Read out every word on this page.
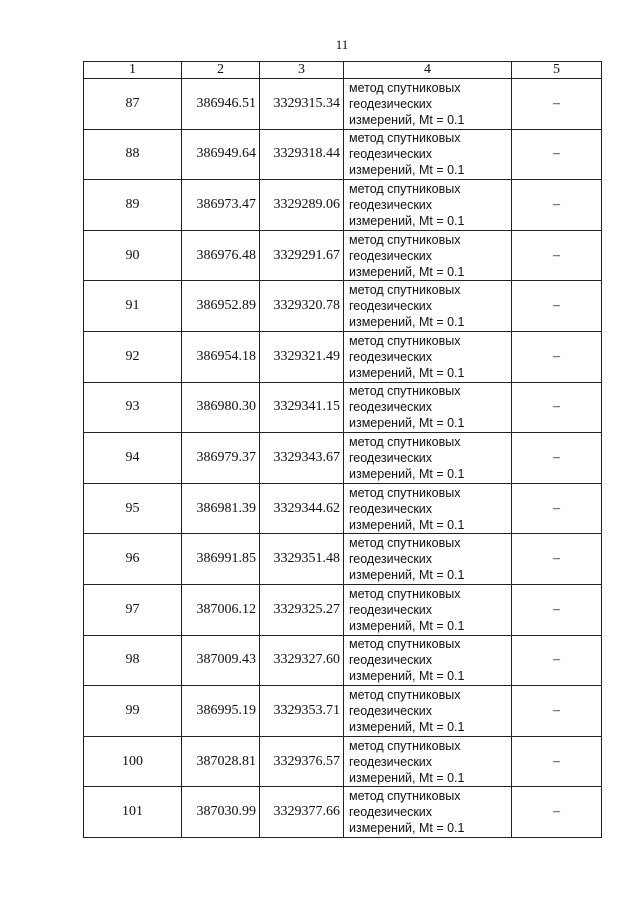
11
1	2	3	4	5
87	386946.51	3329315.34	метод спутниковых
геодезических
измерений, Mt = 0.1	–
88	386949.64	3329318.44	метод спутниковых
геодезических
измерений, Mt = 0.1	–
89	386973.47	3329289.06	метод спутниковых
геодезических
измерений, Mt = 0.1	–
90	386976.48	3329291.67	метод спутниковых
геодезических
измерений, Mt = 0.1	–
91	386952.89	3329320.78	метод спутниковых
геодезических
измерений, Mt = 0.1	–
92	386954.18	3329321.49	метод спутниковых
геодезических
измерений, Mt = 0.1	–
93	386980.30	3329341.15	метод спутниковых
геодезических
измерений, Mt = 0.1	–
94	386979.37	3329343.67	метод спутниковых
геодезических
измерений, Mt = 0.1	–
95	386981.39	3329344.62	метод спутниковых
геодезических
измерений, Mt = 0.1	–
96	386991.85	3329351.48	метод спутниковых
геодезических
измерений, Mt = 0.1	–
97	387006.12	3329325.27	метод спутниковых
геодезических
измерений, Mt = 0.1	–
98	387009.43	3329327.60	метод спутниковых
геодезических
измерений, Mt = 0.1	–
99	386995.19	3329353.71	метод спутниковых
геодезических
измерений, Mt = 0.1	–
100	387028.81	3329376.57	метод спутниковых
геодезических
измерений, Mt = 0.1	–
101	387030.99	3329377.66	метод спутниковых
геодезических
измерений, Mt = 0.1	–
